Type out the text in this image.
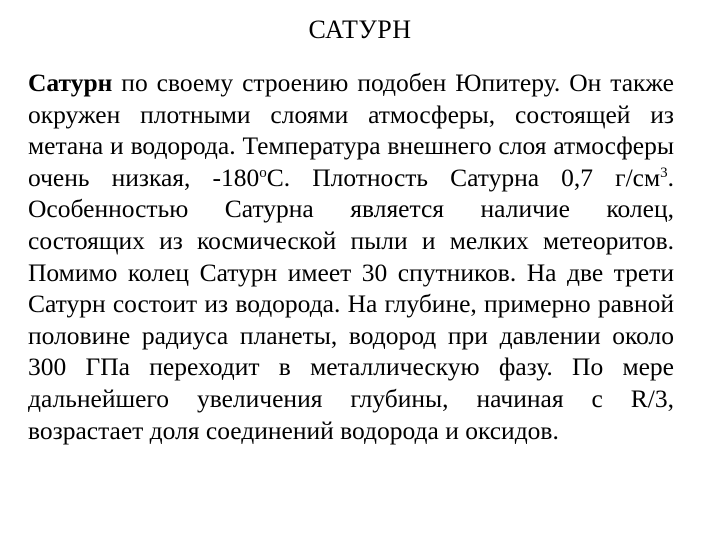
САТУРН
Сатурн по своему строению подобен Юпитеру. Он также окружен плотными слоями атмосферы, состоящей из метана и водорода. Температура внешнего слоя атмосферы очень низкая, -180$^o$С. Плотность Сатурна 0,7 $г/см^3$. Особенностью Сатурна является наличие колец, состоящих из космической пыли и мелких метеоритов. Помимо колец Сатурн имеет 30 спутников. На две трети Сатурн состоит из водорода. На глубине, примерно равной половине радиуса планеты, водород при давлении около 300 ГПа переходит в металлическую фазу. По мере дальнейшего увеличения глубины, начиная с R/3, возрастает доля соединений водорода и оксидов.
